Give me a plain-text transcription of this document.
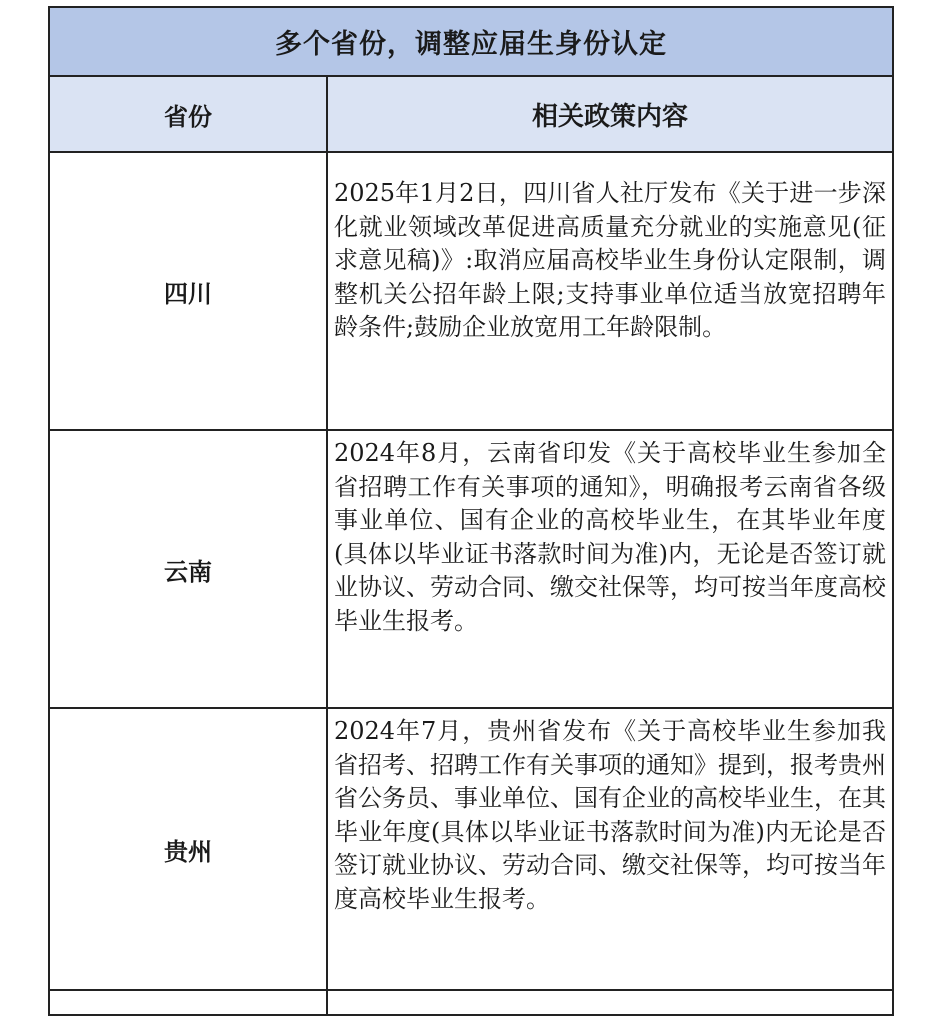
多个省份，调整应届生身份认定
省份	相关政策内容
四川
2025年1月2日，四川省人社厅发布《关于进一步深化就业领域改革促进高质量充分就业的实施意见(征求意见稿)》:取消应届高校毕业生身份认定限制，调整机关公招年龄上限;支持事业单位适当放宽招聘年龄条件;鼓励企业放宽用工年龄限制。
云南
2024年8月，云南省印发《关于高校毕业生参加全省招聘工作有关事项的通知》，明确报考云南省各级事业单位、国有企业的高校毕业生，在其毕业年度(具体以毕业证书落款时间为准)内，无论是否签订就业协议、劳动合同、缴交社保等，均可按当年度高校毕业生报考。
贵州
2024年7月，贵州省发布《关于高校毕业生参加我省招考、招聘工作有关事项的通知》提到，报考贵州省公务员、事业单位、国有企业的高校毕业生，在其毕业年度(具体以毕业证书落款时间为准)内无论是否签订就业协议、劳动合同、缴交社保等，均可按当年度高校毕业生报考。
